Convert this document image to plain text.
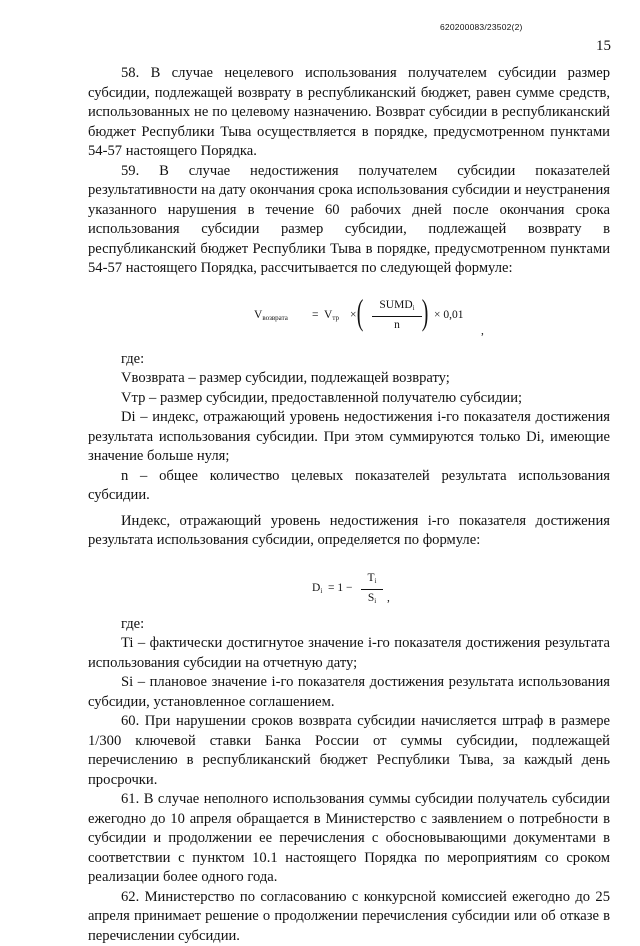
620200083/23502(2)
15

58. В случае нецелевого использования получателем субсидии размер субсидии, подлежащей возврату в республиканский бюджет, равен сумме средств, использованных не по целевому назначению. Возврат субсидии в республиканский бюджет Республики Тыва осуществляется в порядке, предусмотренном пунктами 54-57 настоящего Порядка.

59. В случае недостижения получателем субсидии показателей результативности на дату окончания срока использования субсидии и неустранения указанного нарушения в течение 60 рабочих дней после окончания срока использования субсидии размер субсидии, подлежащей возврату в республиканский бюджет Республики Тыва в порядке, предусмотренном пунктами 54-57 настоящего Порядка, рассчитывается по следующей формуле:

$V_{возврата} = V_{тр}$ × (	$SUMD_i$
n ) × 0,01
,

где:

Vвозврата – размер субсидии, подлежащей возврату;

Vтр – размер субсидии, предоставленной получателю субсидии;

Di – индекс, отражающий уровень недостижения i-го показателя достижения результата использования субсидии. При этом суммируются только Di, имеющие значение больше нуля;

n – общее количество целевых показателей результата использования субсидии.

Индекс, отражающий уровень недостижения i-го показателя достижения результата использования субсидии, определяется по формуле:

$D_i = 1 - \frac{T_i}{S_i}$ ,

где:

Ti – фактически достигнутое значение i-го показателя достижения результата использования субсидии на отчетную дату;

Si – плановое значение i-го показателя достижения результата использования субсидии, установленное соглашением.

60. При нарушении сроков возврата субсидии начисляется штраф в размере 1/300 ключевой ставки Банка России от суммы субсидии, подлежащей перечислению в республиканский бюджет Республики Тыва, за каждый день просрочки.

61. В случае неполного использования суммы субсидии получатель субсидии ежегодно до 10 апреля обращается в Министерство с заявлением о потребности в субсидии и продолжении ее перечисления с обосновывающими документами в соответствии с пунктом 10.1 настоящего Порядка по мероприятиям со сроком реализации более одного года.

62. Министерство по согласованию с конкурсной комиссией ежегодно до 25 апреля принимает решение о продолжении перечисления субсидии или об отказе в перечислении субсидии.
